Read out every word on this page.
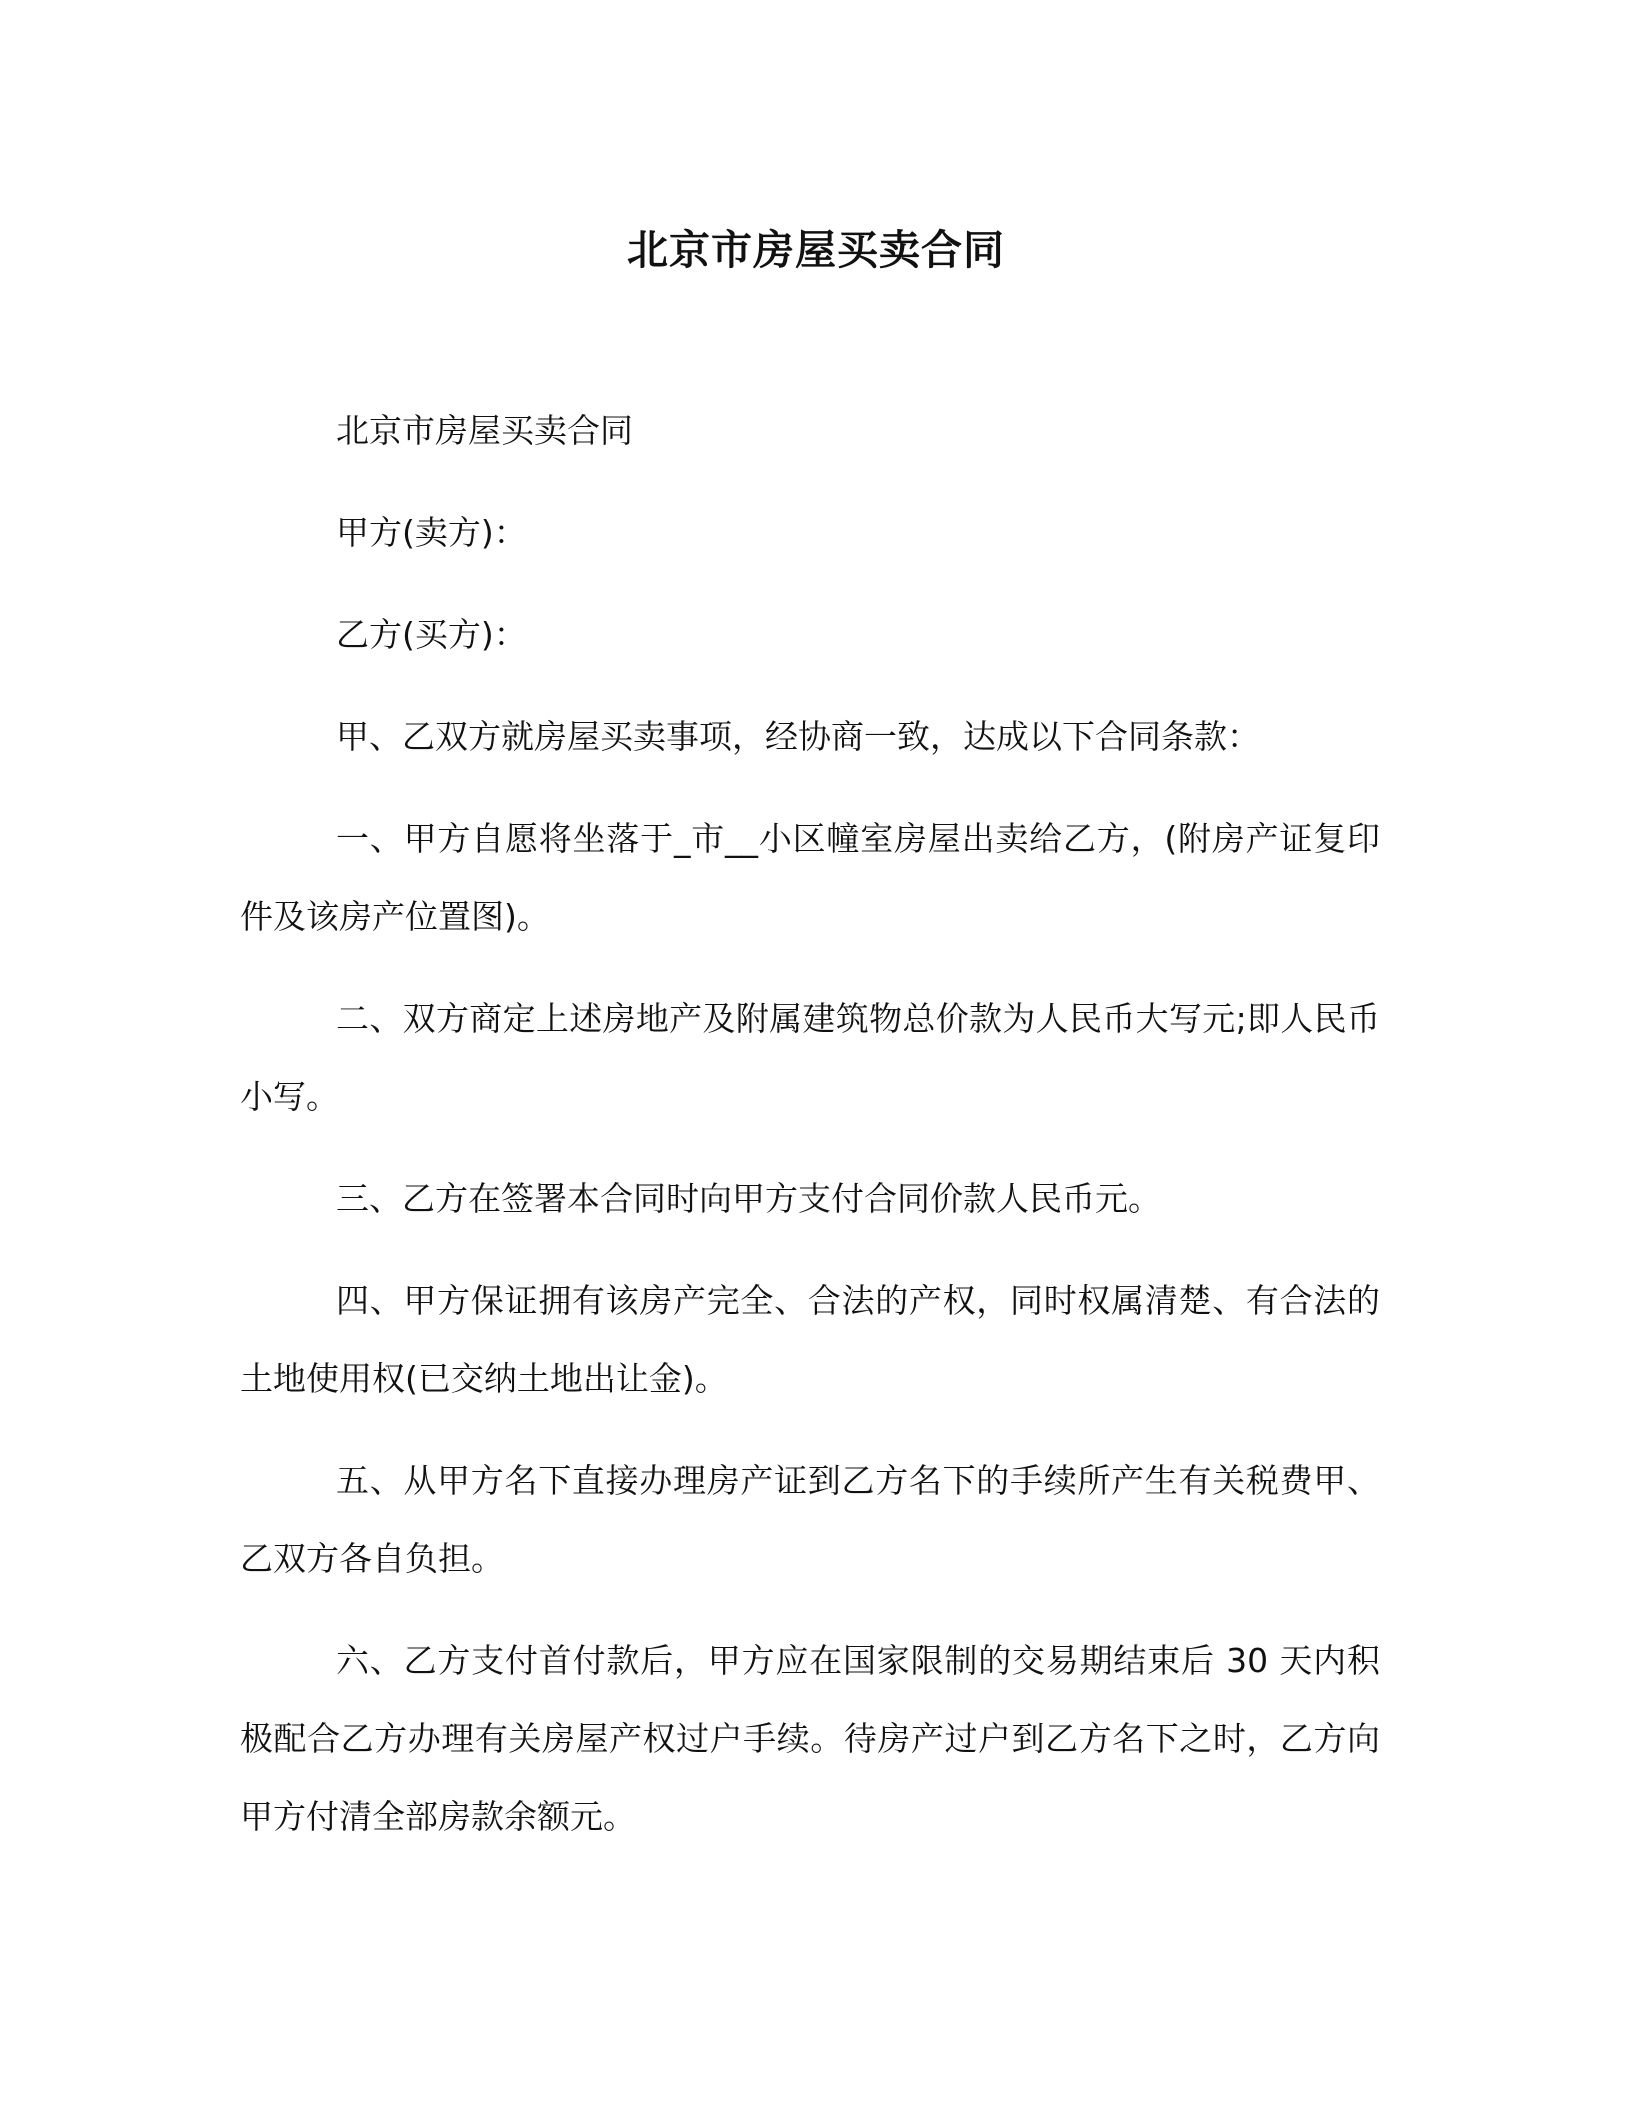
北京市房屋买卖合同

北京市房屋买卖合同

甲方(卖方)：

乙方(买方)：

甲、乙双方就房屋买卖事项，经协商一致，达成以下合同条款：

一、甲方自愿将坐落于_市__小区幢室房屋出卖给乙方，(附房产证复印件及该房产位置图)。

二、双方商定上述房地产及附属建筑物总价款为人民币大写元;即人民币小写。

三、乙方在签署本合同时向甲方支付合同价款人民币元。

四、甲方保证拥有该房产完全、合法的产权，同时权属清楚、有合法的土地使用权(已交纳土地出让金)。

五、从甲方名下直接办理房产证到乙方名下的手续所产生有关税费甲、乙双方各自负担。

六、乙方支付首付款后，甲方应在国家限制的交易期结束后 30 天内积极配合乙方办理有关房屋产权过户手续。待房产过户到乙方名下之时，乙方向甲方付清全部房款余额元。
